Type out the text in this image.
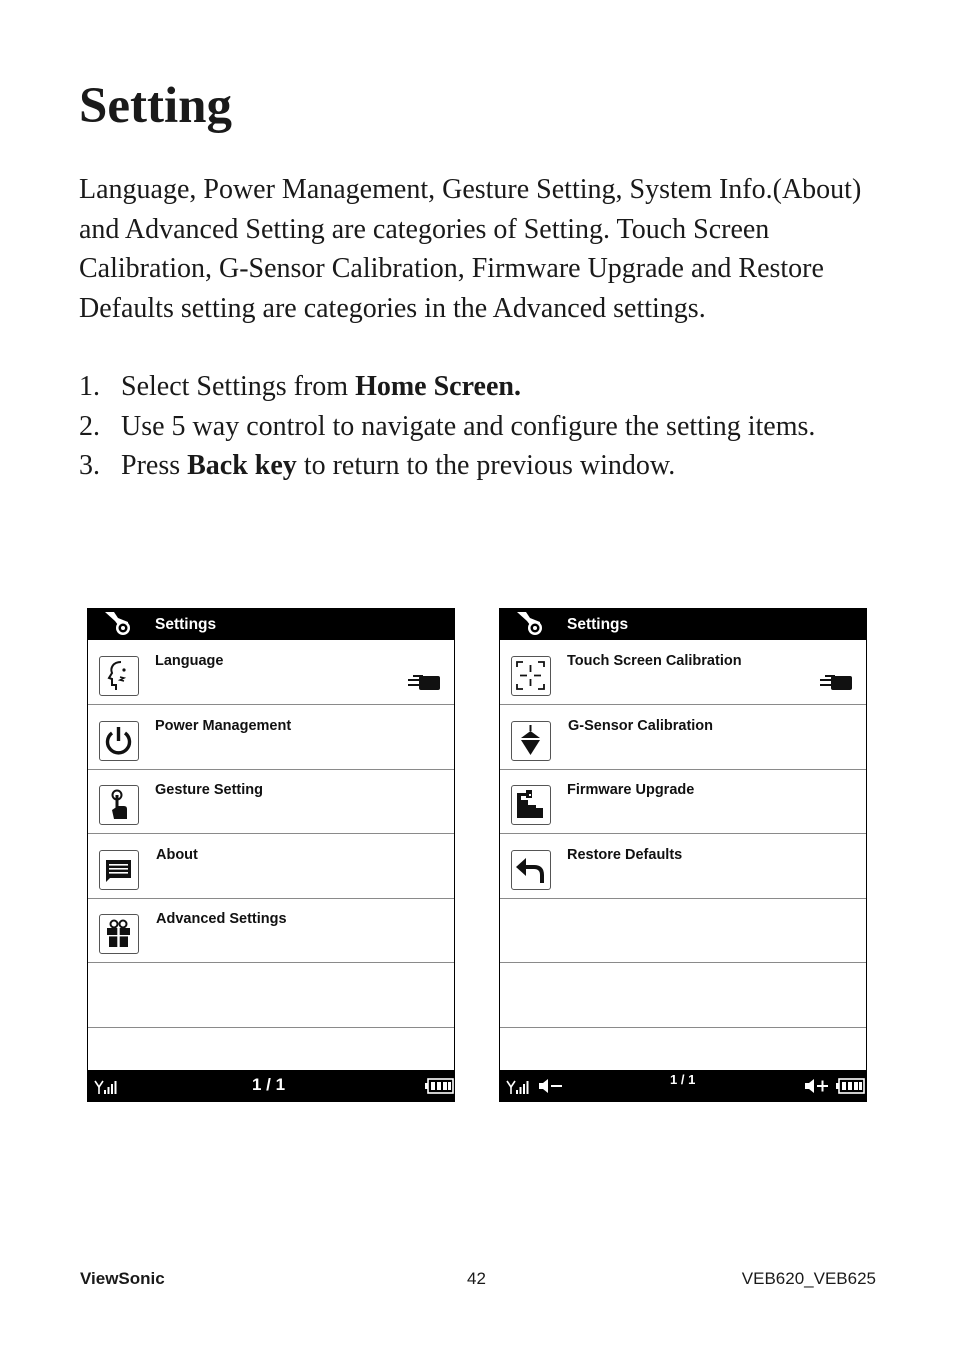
Setting

Language, Power Management, Gesture Setting, System Info.(About) and Advanced Setting are categories of Setting. Touch Screen Calibration, G-Sensor Calibration, Firmware Upgrade and Restore Defaults setting are categories in the Advanced settings.

1. Select Settings from Home Screen.
2. Use 5 way control to navigate and configure the setting items.
3. Press Back key to return to the previous window.
Settings
Language
Power Management
Gesture Setting
About
Advanced Settings
1 / 1
Settings
Touch Screen Calibration
G-Sensor Calibration
Firmware Upgrade
Restore Defaults
1 / 1
ViewSonic	42	VEB620_VEB625
